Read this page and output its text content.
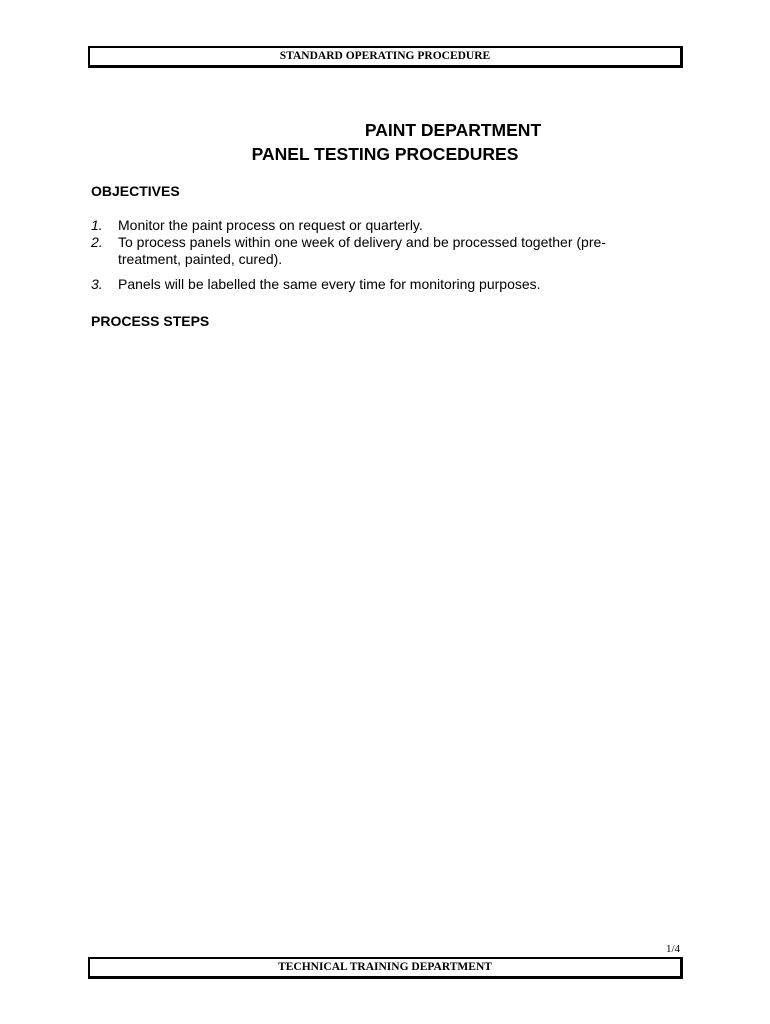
STANDARD OPERATING PROCEDURE
PAINT DEPARTMENT
PANEL TESTING PROCEDURES
OBJECTIVES
1. Monitor the paint process on request or quarterly.
2. To process panels within one week of delivery and be processed together (pre-treatment, painted, cured).
3. Panels will be labelled the same every time for monitoring purposes.
PROCESS STEPS
1/4
TECHNICAL TRAINING DEPARTMENT
